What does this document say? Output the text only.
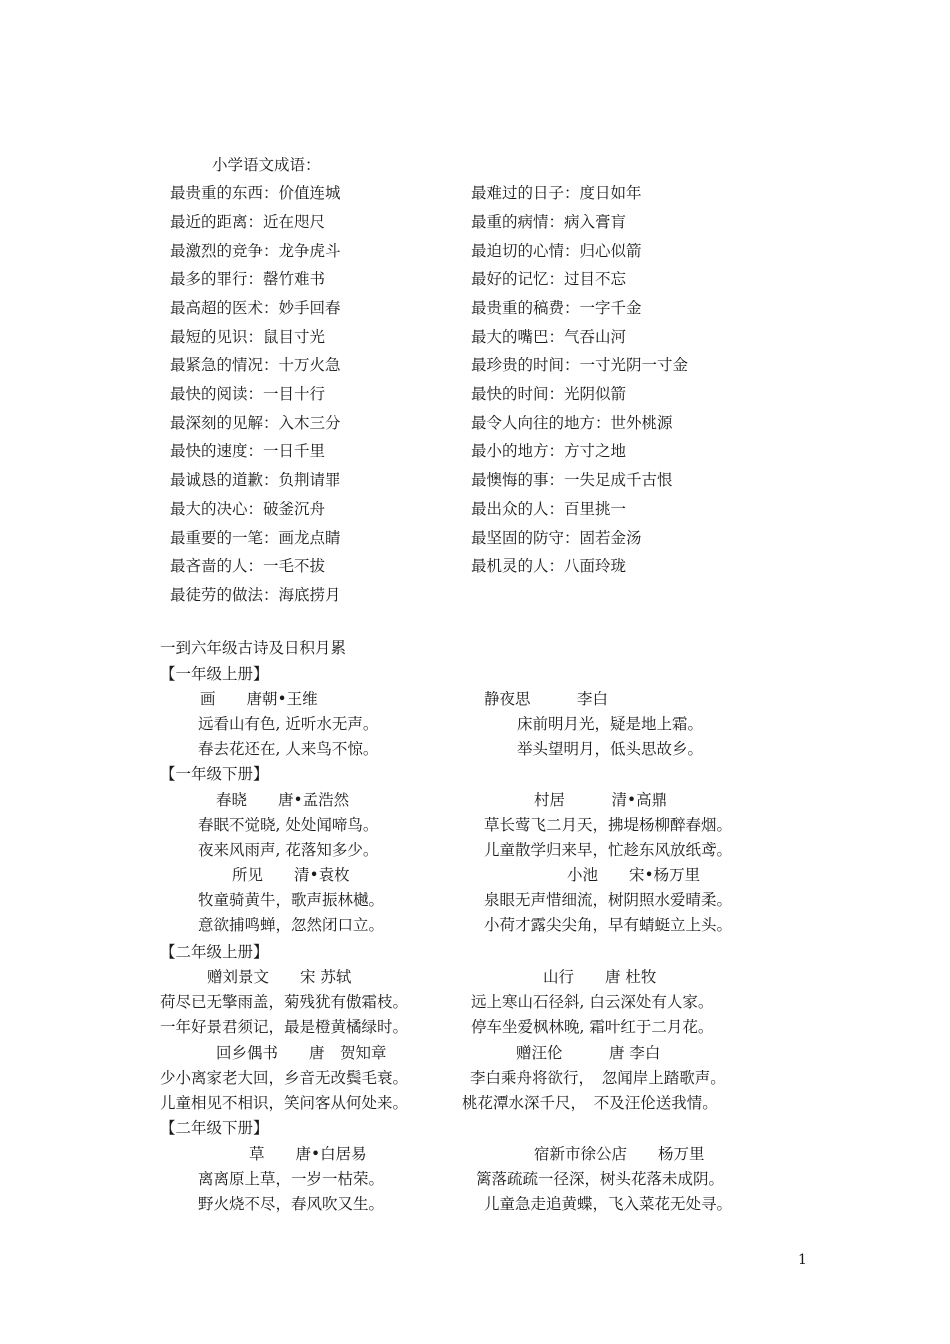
小学语文成语：
最贵重的东西：价值连城
最近的距离：近在咫尺
最激烈的竞争：龙争虎斗
最多的罪行：罄竹难书
最高超的医术：妙手回春
最短的见识：鼠目寸光
最紧急的情况：十万火急
最快的阅读：一目十行
最深刻的见解：入木三分
最快的速度：一日千里
最诚恳的道歉：负荆请罪
最大的决心：破釜沉舟
最重要的一笔：画龙点睛
最吝啬的人：一毛不拔
最徒劳的做法：海底捞月
最难过的日子：度日如年
最重的病情：病入膏肓
最迫切的心情：归心似箭
最好的记忆：过目不忘
最贵重的稿费：一字千金
最大的嘴巴：气吞山河
最珍贵的时间：一寸光阴一寸金
最快的时间：光阴似箭
最令人向往的地方：世外桃源
最小的地方：方寸之地
最懊悔的事：一失足成千古恨
最出众的人：百里挑一
最坚固的防守：固若金汤
最机灵的人：八面玲珑
一到六年级古诗及日积月累
【一年级上册】
画　　唐朝•王维
远看山有色, 近听水无声。
春去花还在, 人来鸟不惊。
静夜思　　　李白
床前明月光，疑是地上霜。
举头望明月，低头思故乡。
【一年级下册】
春晓　　唐•孟浩然
春眠不觉晓, 处处闻啼鸟。
夜来风雨声, 花落知多少。
村居　　　清•高鼎
草长莺飞二月天，拂堤杨柳醉春烟。
儿童散学归来早，忙趁东风放纸鸢。
所见　　清•袁枚
牧童骑黄牛，歌声振林樾。
意欲捕鸣蝉，忽然闭口立。
小池　　宋•杨万里
泉眼无声惜细流，树阴照水爱晴柔。
小荷才露尖尖角，早有蜻蜓立上头。
【二年级上册】
赠刘景文　　宋 苏轼
荷尽已无擎雨盖，菊残犹有傲霜枝。
一年好景君须记，最是橙黄橘绿时。
山行　　唐 杜牧
远上寒山石径斜, 白云深处有人家。
停车坐爱枫林晚, 霜叶红于二月花。
回乡偶书　　唐　贺知章
少小离家老大回，乡音无改鬓毛衰。
儿童相见不相识，笑问客从何处来。
赠汪伦　　　唐 李白
李白乘舟将欲行，　忽闻岸上踏歌声。
桃花潭水深千尺，　不及汪伦送我情。
【二年级下册】
草　　唐•白居易
离离原上草，一岁一枯荣。
野火烧不尽，春风吹又生。
宿新市徐公店　　杨万里
篱落疏疏一径深，树头花落未成阴。
儿童急走追黄蝶，飞入菜花无处寻。
1
